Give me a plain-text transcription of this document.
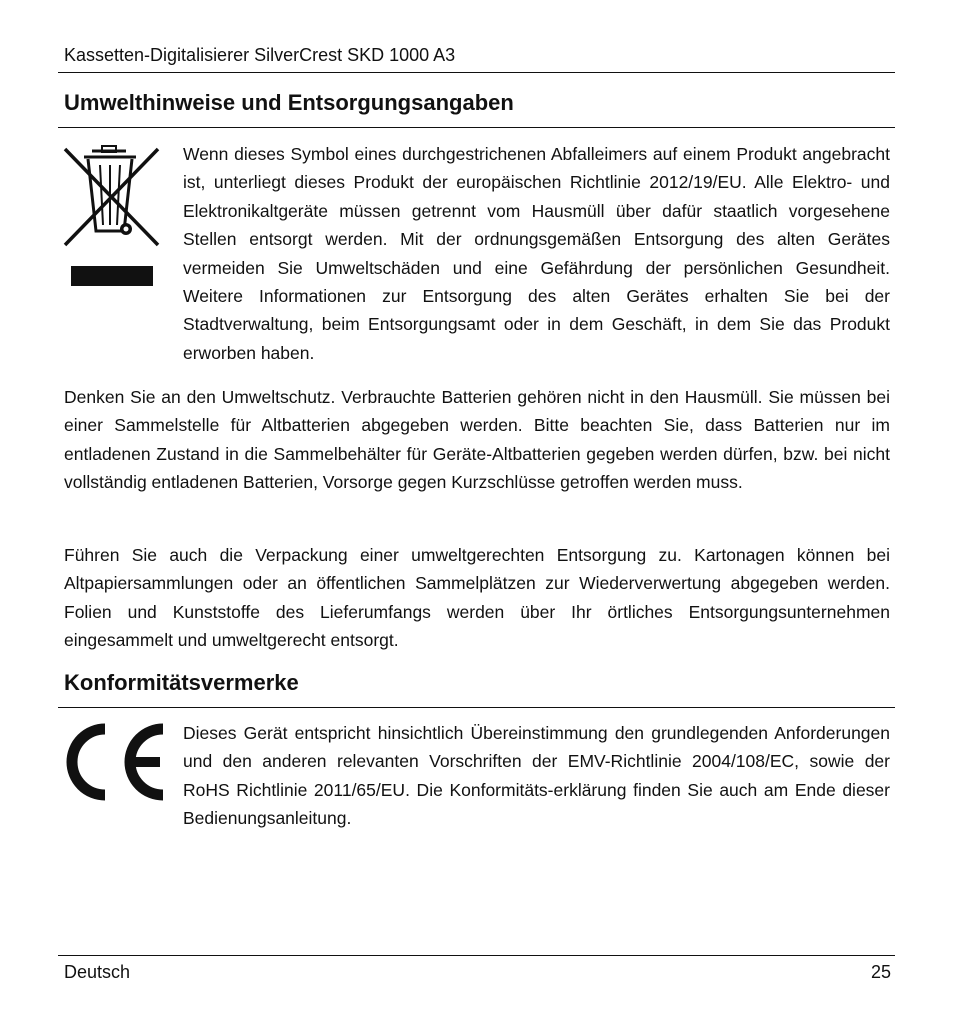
Kassetten-Digitalisierer SilverCrest SKD 1000 A3
Umwelthinweise und Entsorgungsangaben

Wenn dieses Symbol eines durchgestrichenen Abfalleimers auf einem Produkt angebracht ist, unterliegt dieses Produkt der europäischen Richtlinie 2012/19/EU. Alle Elektro- und Elektronikaltgeräte müssen getrennt vom Hausmüll über dafür staatlich vorgesehene Stellen entsorgt werden. Mit der ordnungsgemäßen Entsorgung des alten Gerätes vermeiden Sie Umweltschäden und eine Gefährdung der persönlichen Gesundheit. Weitere Informationen zur Entsorgung des alten Gerätes erhalten Sie bei der Stadtverwaltung, beim Entsorgungsamt oder in dem Geschäft, in dem Sie das Produkt erworben haben.

Denken Sie an den Umweltschutz. Verbrauchte Batterien gehören nicht in den Hausmüll. Sie müssen bei einer Sammelstelle für Altbatterien abgegeben werden. Bitte beachten Sie, dass Batterien nur im entladenen Zustand in die Sammelbehälter für Geräte-Altbatterien gegeben werden dürfen, bzw. bei nicht vollständig entladenen Batterien, Vorsorge gegen Kurzschlüsse getroffen werden muss.

Führen Sie auch die Verpackung einer umweltgerechten Entsorgung zu. Kartonagen können bei Altpapiersammlungen oder an öffentlichen Sammelplätzen zur Wiederverwertung abgegeben werden. Folien und Kunststoffe des Lieferumfangs werden über Ihr örtliches Entsorgungsunternehmen eingesammelt und umweltgerecht entsorgt.

Konformitätsvermerke

Dieses Gerät entspricht hinsichtlich Übereinstimmung den grundlegenden Anforderungen und den anderen relevanten Vorschriften der EMV-Richtlinie 2004/108/EC, sowie der RoHS Richtlinie 2011/65/EU. Die Konformitäts-erklärung finden Sie auch am Ende dieser Bedienungsanleitung.

Deutsch	25
